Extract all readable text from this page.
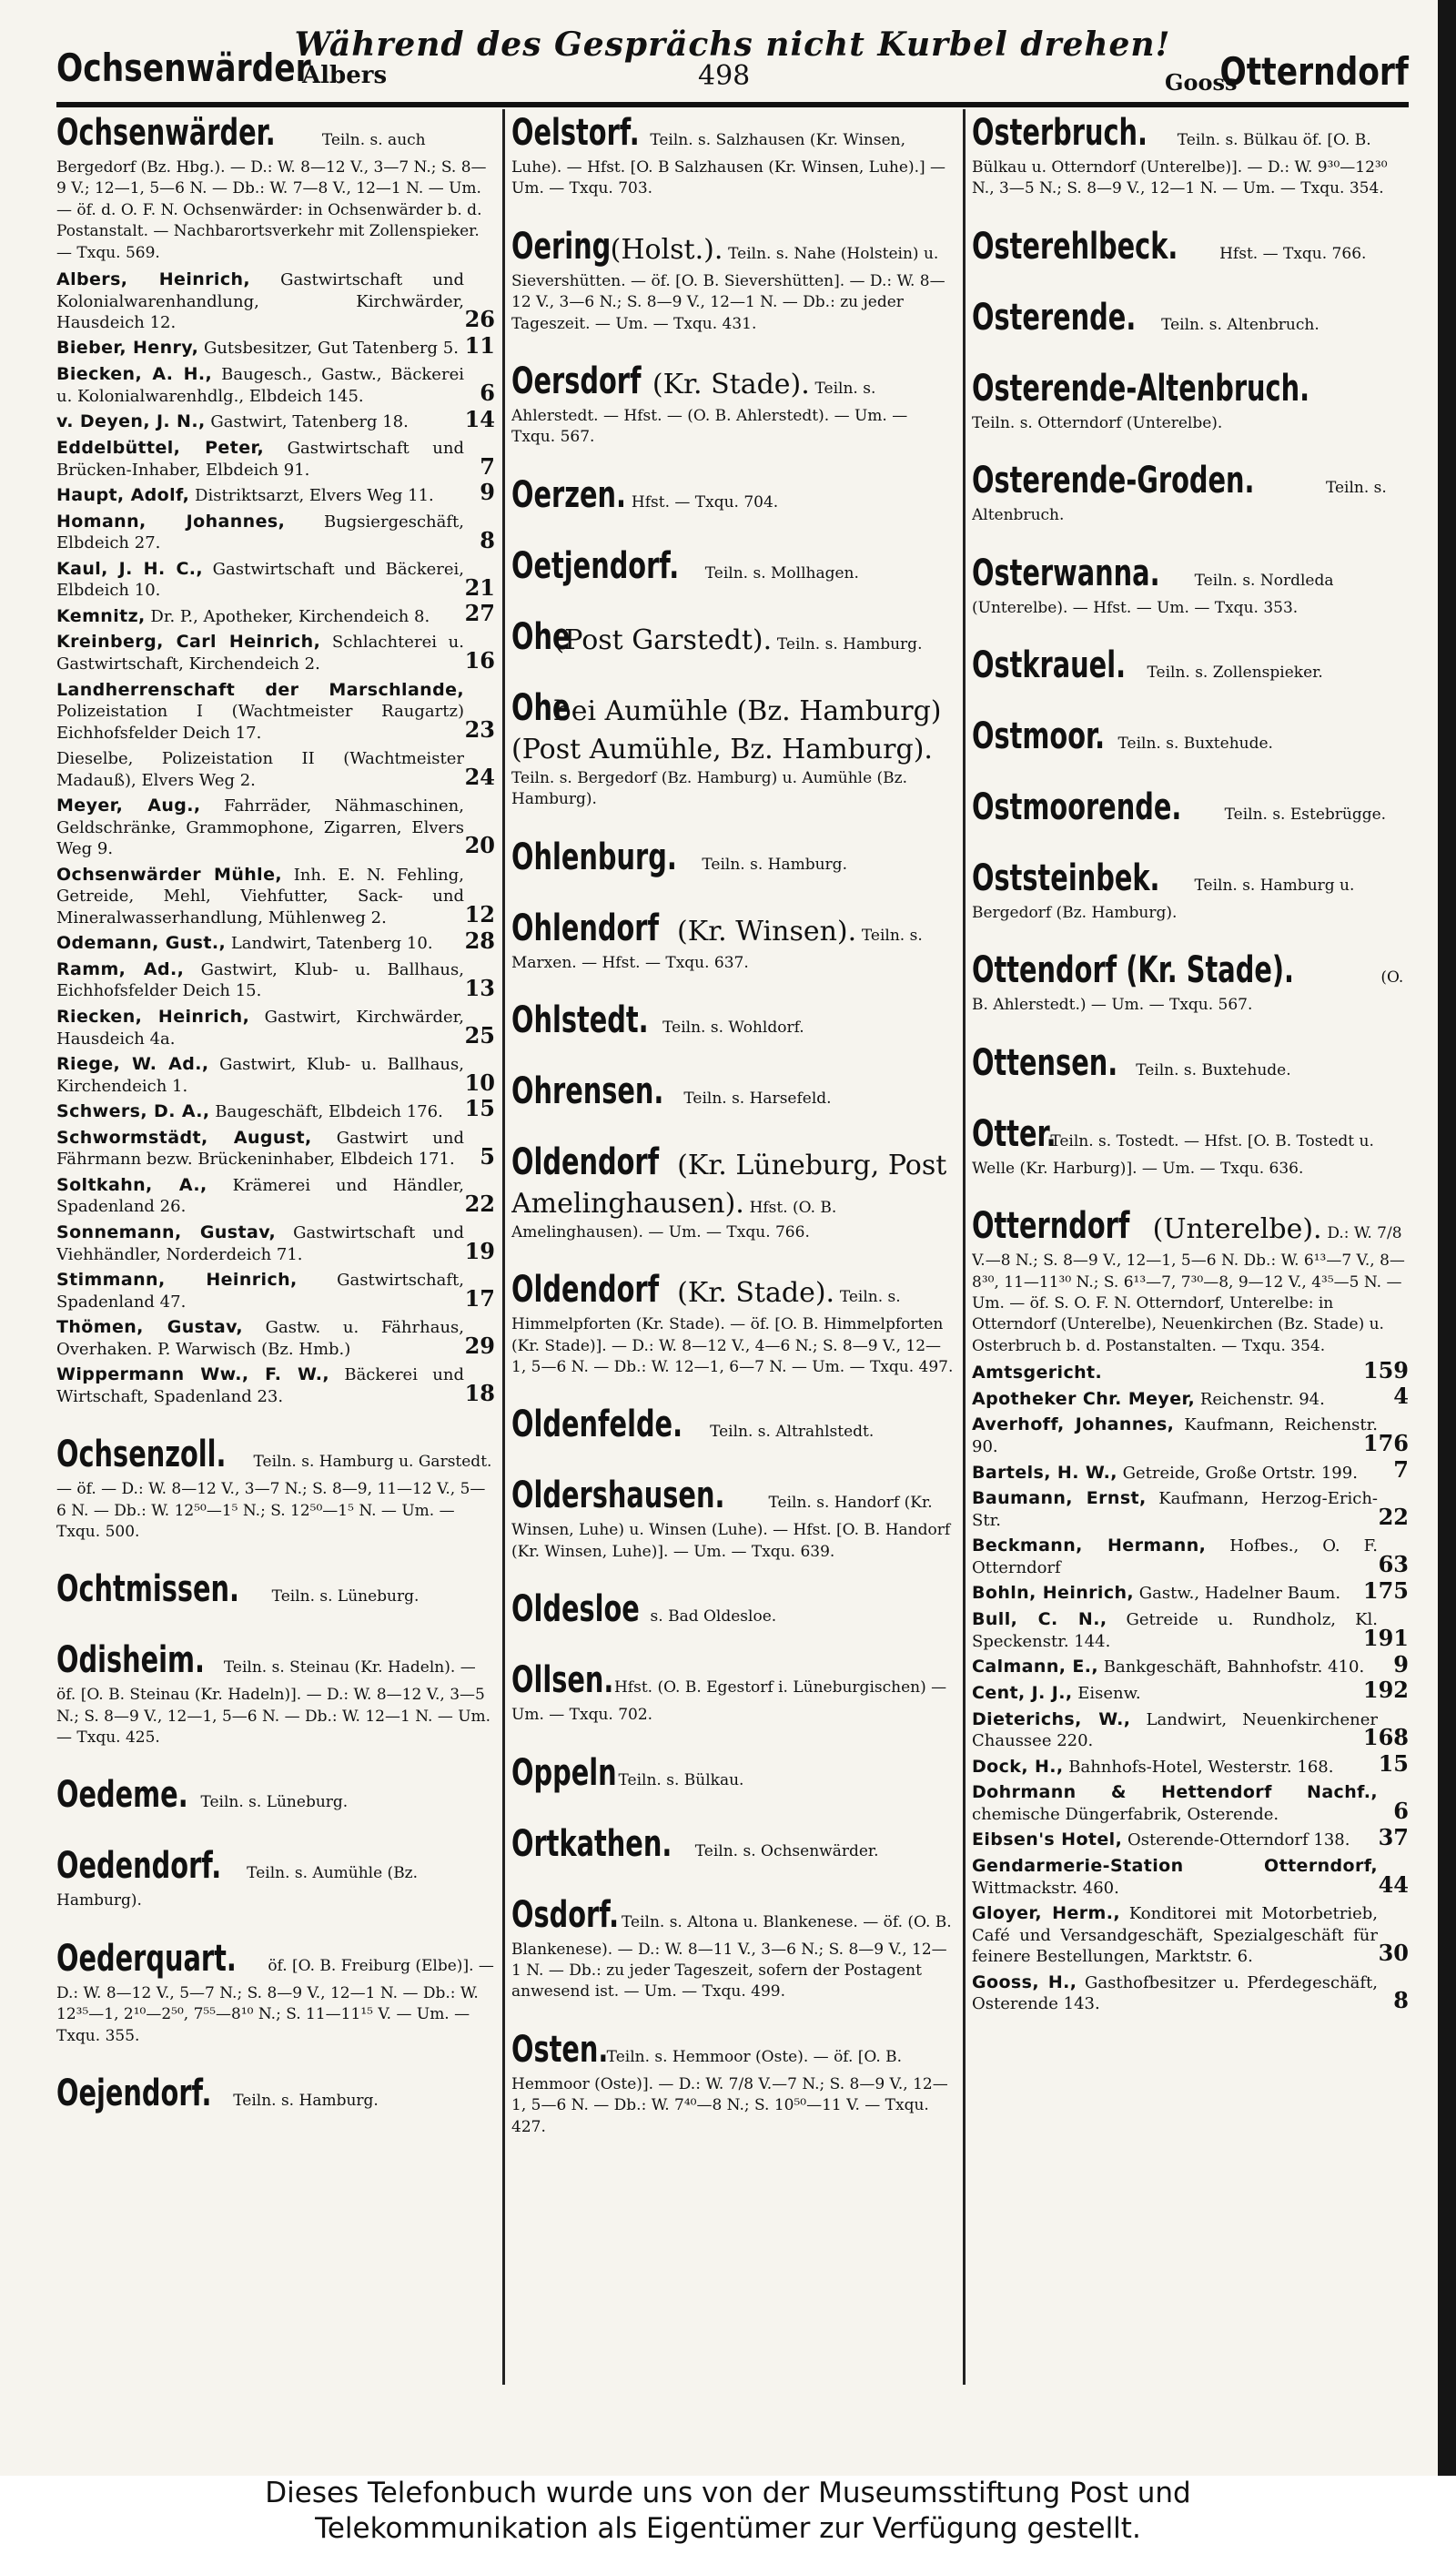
Ochsenwärder
Albers
Während des Gesprächs nicht Kurbel drehen!
498	Gooss
Otterndorf
Ochsenwärder.	Teiln. s. auch Bergedorf (Bz. Hbg.). — D.: W. 8—12 V., 3—7 N.; S. 8—9 V.; 12—1, 5—6 N. — Db.: W. 7—8 V., 12—1 N. — Um. — öf. d. O. F. N. Ochsenwärder: in Ochsenwärder b. d. Postanstalt. — Nachbarortsverkehr mit Zollenspieker. — Txqu. 569.
Albers, Heinrich, Gastwirtschaft und Kolonialwarenhandlung, Kirchwärder, Hausdeich 12.	26
Bieber, Henry, Gutsbesitzer, Gut Tatenberg 5. 11
Biecken, A. H., Baugesch., Gastw., Bäckerei u. Kolonialwarenhdlg., Elbdeich 145.	6
v. Deyen, J. N., Gastwirt, Tatenberg 18.	14
Eddelbüttel, Peter, Gastwirtschaft und Brücken-Inhaber, Elbdeich 91.	7
Haupt, Adolf, Distriktsarzt, Elvers Weg 11. 9
Homann, Johannes, Bugsiergeschäft, Elbdeich 27.	8
Kaul, J. H. C., Gastwirtschaft und Bäckerei, Elbdeich 10.	21
Kemnitz, Dr. P., Apotheker, Kirchendeich 8. 27
Kreinberg, Carl Heinrich, Schlachterei u. Gastwirtschaft, Kirchendeich 2.	16
Landherrenschaft der Marschlande, Polizeistation I (Wachtmeister Raugartz) Eichhofsfelder Deich 17.	23
Dieselbe, Polizeistation II (Wachtmeister Madauß), Elvers Weg 2.	24
Meyer, Aug., Fahrräder, Nähmaschinen, Geldschränke, Grammophone, Zigarren, Elvers Weg 9.	20
Ochsenwärder Mühle, Inh. E. N. Fehling, Getreide, Mehl, Viehfutter, Sack- und Mineralwasserhandlung, Mühlenweg 2.	12
Odemann, Gust., Landwirt, Tatenberg 10. 28
Ramm, Ad., Gastwirt, Klub- u. Ballhaus, Eichhofsfelder Deich 15.	13
Riecken, Heinrich, Gastwirt, Kirchwärder, Hausdeich 4a.	25
Riege, W. Ad., Gastwirt, Klub- u. Ballhaus, Kirchendeich 1.	10
Schwers, D. A., Baugeschäft, Elbdeich 176. 15
Schwormstädt, August, Gastwirt und Fährmann bezw. Brückeninhaber, Elbdeich 171. 5
Soltkahn, A., Krämerei und Händler, Spadenland 26.	22
Sonnemann, Gustav, Gastwirtschaft und Viehhändler, Norderdeich 71.	19
Stimmann, Heinrich, Gastwirtschaft, Spadenland 47.	17
Thömen, Gustav, Gastw. u. Fährhaus, Overhaken. P. Warwisch (Bz. Hmb.)	29
Wippermann Ww., F. W., Bäckerei und Wirtschaft, Spadenland 23.	18
Ochsenzoll. Teiln. s. Hamburg u. Garstedt. — öf. — D.: W. 8—12 V., 3—7 N.; S. 8—9, 11—12 V., 5—6 N. — Db.: W. 12⁵⁰—1⁵ N.; S. 12⁵⁰—1⁵ N. — Um. — Txqu. 500.
Ochtmissen. Teiln. s. Lüneburg.
Odisheim. Teiln. s. Steinau (Kr. Hadeln). — öf. [O. B. Steinau (Kr. Hadeln)]. — D.: W. 8—12 V., 3—5 N.; S. 8—9 V., 12—1, 5—6 N. — Db.: W. 12—1 N. — Um. — Txqu. 425.
Oedeme. Teiln. s. Lüneburg.
Oedendorf. Teiln. s. Aumühle (Bz. Hamburg).
Oederquart. öf. [O. B. Freiburg (Elbe)]. — D.: W. 8—12 V., 5—7 N.; S. 8—9 V., 12—1 N. — Db.: W. 12³⁵—1, 2¹⁰—2⁵⁰, 7⁵⁵—8¹⁰ N.; S. 11—11¹⁵ V. — Um. — Txqu. 355.
Oejendorf. Teiln. s. Hamburg.
Oelstorf. Teiln. s. Salzhausen (Kr. Winsen, Luhe). — Hfst. [O. B Salzhausen (Kr. Winsen, Luhe).] — Um. — Txqu. 703.
Oering (Holst.). Teiln. s. Nahe (Holstein) u. Sievershütten. — öf. [O. B. Sievershütten]. — D.: W. 8—12 V., 3—6 N.; S. 8—9 V., 12—1 N. — Db.: zu jeder Tageszeit. — Um. — Txqu. 431.
Oersdorf (Kr. Stade). Teiln. s. Ahlerstedt. — Hfst. — (O. B. Ahlerstedt). — Um. — Txqu. 567.
Oerzen. Hfst. — Txqu. 704.
Oetjendorf. Teiln. s. Mollhagen.
Ohe (Post Garstedt). Teiln. s. Hamburg.
Ohe bei Aumühle (Bz. Hamburg) (Post Aumühle, Bz. Hamburg). Teiln. s. Bergedorf (Bz. Hamburg) u. Aumühle (Bz. Hamburg).
Ohlenburg. Teiln. s. Hamburg.
Ohlendorf (Kr. Winsen). Teiln. s. Marxen. — Hfst. — Txqu. 637.
Ohlstedt. Teiln. s. Wohldorf.
Ohrensen. Teiln. s. Harsefeld.
Oldendorf (Kr. Lüneburg, Post Amelinghausen). Hfst. (O. B. Amelinghausen). — Um. — Txqu. 766.
Oldendorf (Kr. Stade). Teiln. s. Himmelpforten (Kr. Stade). — öf. [O. B. Himmelpforten (Kr. Stade)]. — D.: W. 8—12 V., 4—6 N.; S. 8—9 V., 12—1, 5—6 N. — Db.: W. 12—1, 6—7 N. — Um. — Txqu. 497.
Oldenfelde. Teiln. s. Altrahlstedt.
Oldershausen.	Teiln. s. Handorf (Kr. Winsen, Luhe) u. Winsen (Luhe). — Hfst. [O. B. Handorf (Kr. Winsen, Luhe)]. — Um. — Txqu. 639.
Oldesloe s. Bad Oldesloe.
Ollsen. Hfst. (O. B. Egestorf i. Lüneburgischen) — Um. — Txqu. 702.
Oppeln Teiln. s. Bülkau.
Ortkathen. Teiln. s. Ochsenwärder.
Osdorf. Teiln. s. Altona u. Blankenese. — öf. (O. B. Blankenese). — D.: W. 8—11 V., 3—6 N.; S. 8—9 V., 12—1 N. — Db.: zu jeder Tageszeit, sofern der Postagent anwesend ist. — Um. — Txqu. 499.
Osten. Teiln. s. Hemmoor (Oste). — öf. [O. B. Hemmoor (Oste)]. — D.: W. 7/8 V.—7 N.; S. 8—9 V., 12—1, 5—6 N. — Db.: W. 7⁴⁰—8 N.; S. 10⁵⁰—11 V. — Txqu. 427.
Osterbruch. Teiln. s. Bülkau öf. [O. B. Bülkau u. Otterndorf (Unterelbe)]. — D.: W. 9³⁰—12³⁰ N., 3—5 N.; S. 8—9 V., 12—1 N. — Um. — Txqu. 354.
Osterehlbeck.	Hfst. — Txqu. 766.
Osterende. Teiln. s. Altenbruch.
Osterende-Altenbruch. Teiln. s. Otterndorf (Unterelbe).
Osterende-Groden.	Teiln. s. Altenbruch.
Osterwanna. Teiln. s. Nordleda (Unterelbe). — Hfst. — Um. — Txqu. 353.
Ostkrauel. Teiln. s. Zollenspieker.
Ostmoor. Teiln. s. Buxtehude.
Ostmoorende.	Teiln. s. Estebrügge.
Oststeinbek. Teiln. s. Hamburg u. Bergedorf (Bz. Hamburg).
Ottendorf (Kr. Stade).	(O. B. Ahlerstedt.) — Um. — Txqu. 567.
Ottensen. Teiln. s. Buxtehude.
Otter. Teiln. s. Tostedt. — Hfst. [O. B. Tostedt u. Welle (Kr. Harburg)]. — Um. — Txqu. 636.
Otterndorf (Unterelbe). D.: W. 7/8 V.—8 N.; S. 8—9 V., 12—1, 5—6 N. Db.: W. 6¹³—7 V., 8—8³⁰, 11—11³⁰ N.; S. 6¹³—7, 7³⁰—8, 9—12 V., 4³⁵—5 N. — Um. — öf. S. O. F. N. Otterndorf, Unterelbe: in Otterndorf (Unterelbe), Neuenkirchen (Bz. Stade) u. Osterbruch b. d. Postanstalten. — Txqu. 354.
Amtsgericht.	159
Apotheker Chr. Meyer, Reichenstr. 94.	4
Averhoff, Johannes, Kaufmann, Reichenstr. 90.	176
Bartels, H. W., Getreide, Große Ortstr. 199. 7
Baumann, Ernst, Kaufmann, Herzog-Erich-Str.	22
Beckmann, Hermann, Hofbes., O. F. Otterndorf	63
Bohln, Heinrich, Gastw., Hadelner Baum. 175
Bull, C. N., Getreide u. Rundholz, Kl. Speckenstr. 144.	191
Calmann, E., Bankgeschäft, Bahnhofstr. 410. 9
Cent, J. J., Eisenw.	192
Dieterichs, W., Landwirt, Neuenkirchener Chaussee 220.	168
Dock, H., Bahnhofs-Hotel, Westerstr. 168. 15
Dohrmann & Hettendorf Nachf., chemische Düngerfabrik, Osterende.	6
Eibsen's Hotel, Osterende-Otterndorf 138. 37
Gendarmerie-Station Otterndorf, Wittmackstr. 460.	44
Gloyer, Herm., Konditorei mit Motorbetrieb, Café und Versandgeschäft, Spezialgeschäft für feinere Bestellungen, Marktstr. 6.	30
Gooss, H., Gasthofbesitzer u. Pferdegeschäft, Osterende 143.	8
Dieses Telefonbuch wurde uns von der Museumsstiftung Post und
Telekommunikation als Eigentümer zur Verfügung gestellt.
